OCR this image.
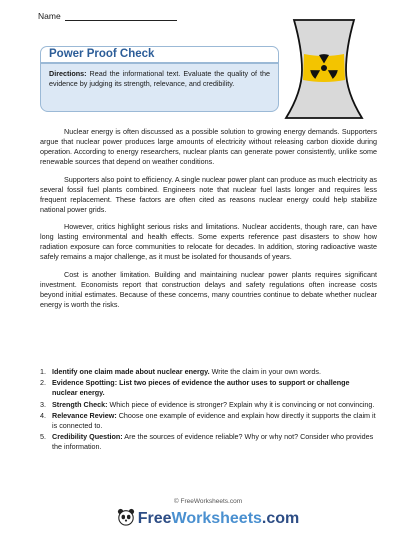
Name
Power Proof Check

Directions: Read the informational text. Evaluate the quality of the evidence by judging its strength, relevance, and credibility.

Nuclear energy is often discussed as a possible solution to growing energy demands. Supporters argue that nuclear power produces large amounts of electricity without releasing carbon dioxide during operation. According to energy researchers, nuclear plants can generate power consistently, unlike some renewable sources that depend on weather conditions.

Supporters also point to efficiency. A single nuclear power plant can produce as much electricity as several fossil fuel plants combined. Engineers note that nuclear fuel lasts longer and requires less frequent replacement. These factors are often cited as reasons nuclear energy could help stabilize national power grids.

However, critics highlight serious risks and limitations. Nuclear accidents, though rare, can have long lasting environmental and health effects. Some experts reference past disasters to show how radiation exposure can force communities to relocate for decades. In addition, storing radioactive waste safely remains a major challenge, as it must be isolated for thousands of years.

Cost is another limitation. Building and maintaining nuclear power plants requires significant investment. Economists report that construction delays and safety regulations often increase costs beyond initial estimates. Because of these concerns, many countries continue to debate whether nuclear energy is worth the risks.

1. Identify one claim made about nuclear energy. Write the claim in your own words.
2. Evidence Spotting: List two pieces of evidence the author uses to support or challenge nuclear energy.
3. Strength Check: Which piece of evidence is stronger? Explain why it is convincing or not convincing.
4. Relevance Review: Choose one example of evidence and explain how directly it supports the claim it is connected to.
5. Credibility Question: Are the sources of evidence reliable? Why or why not? Consider who provides the information.
© FreeWorksheets.com
FreeWorksheets.com
